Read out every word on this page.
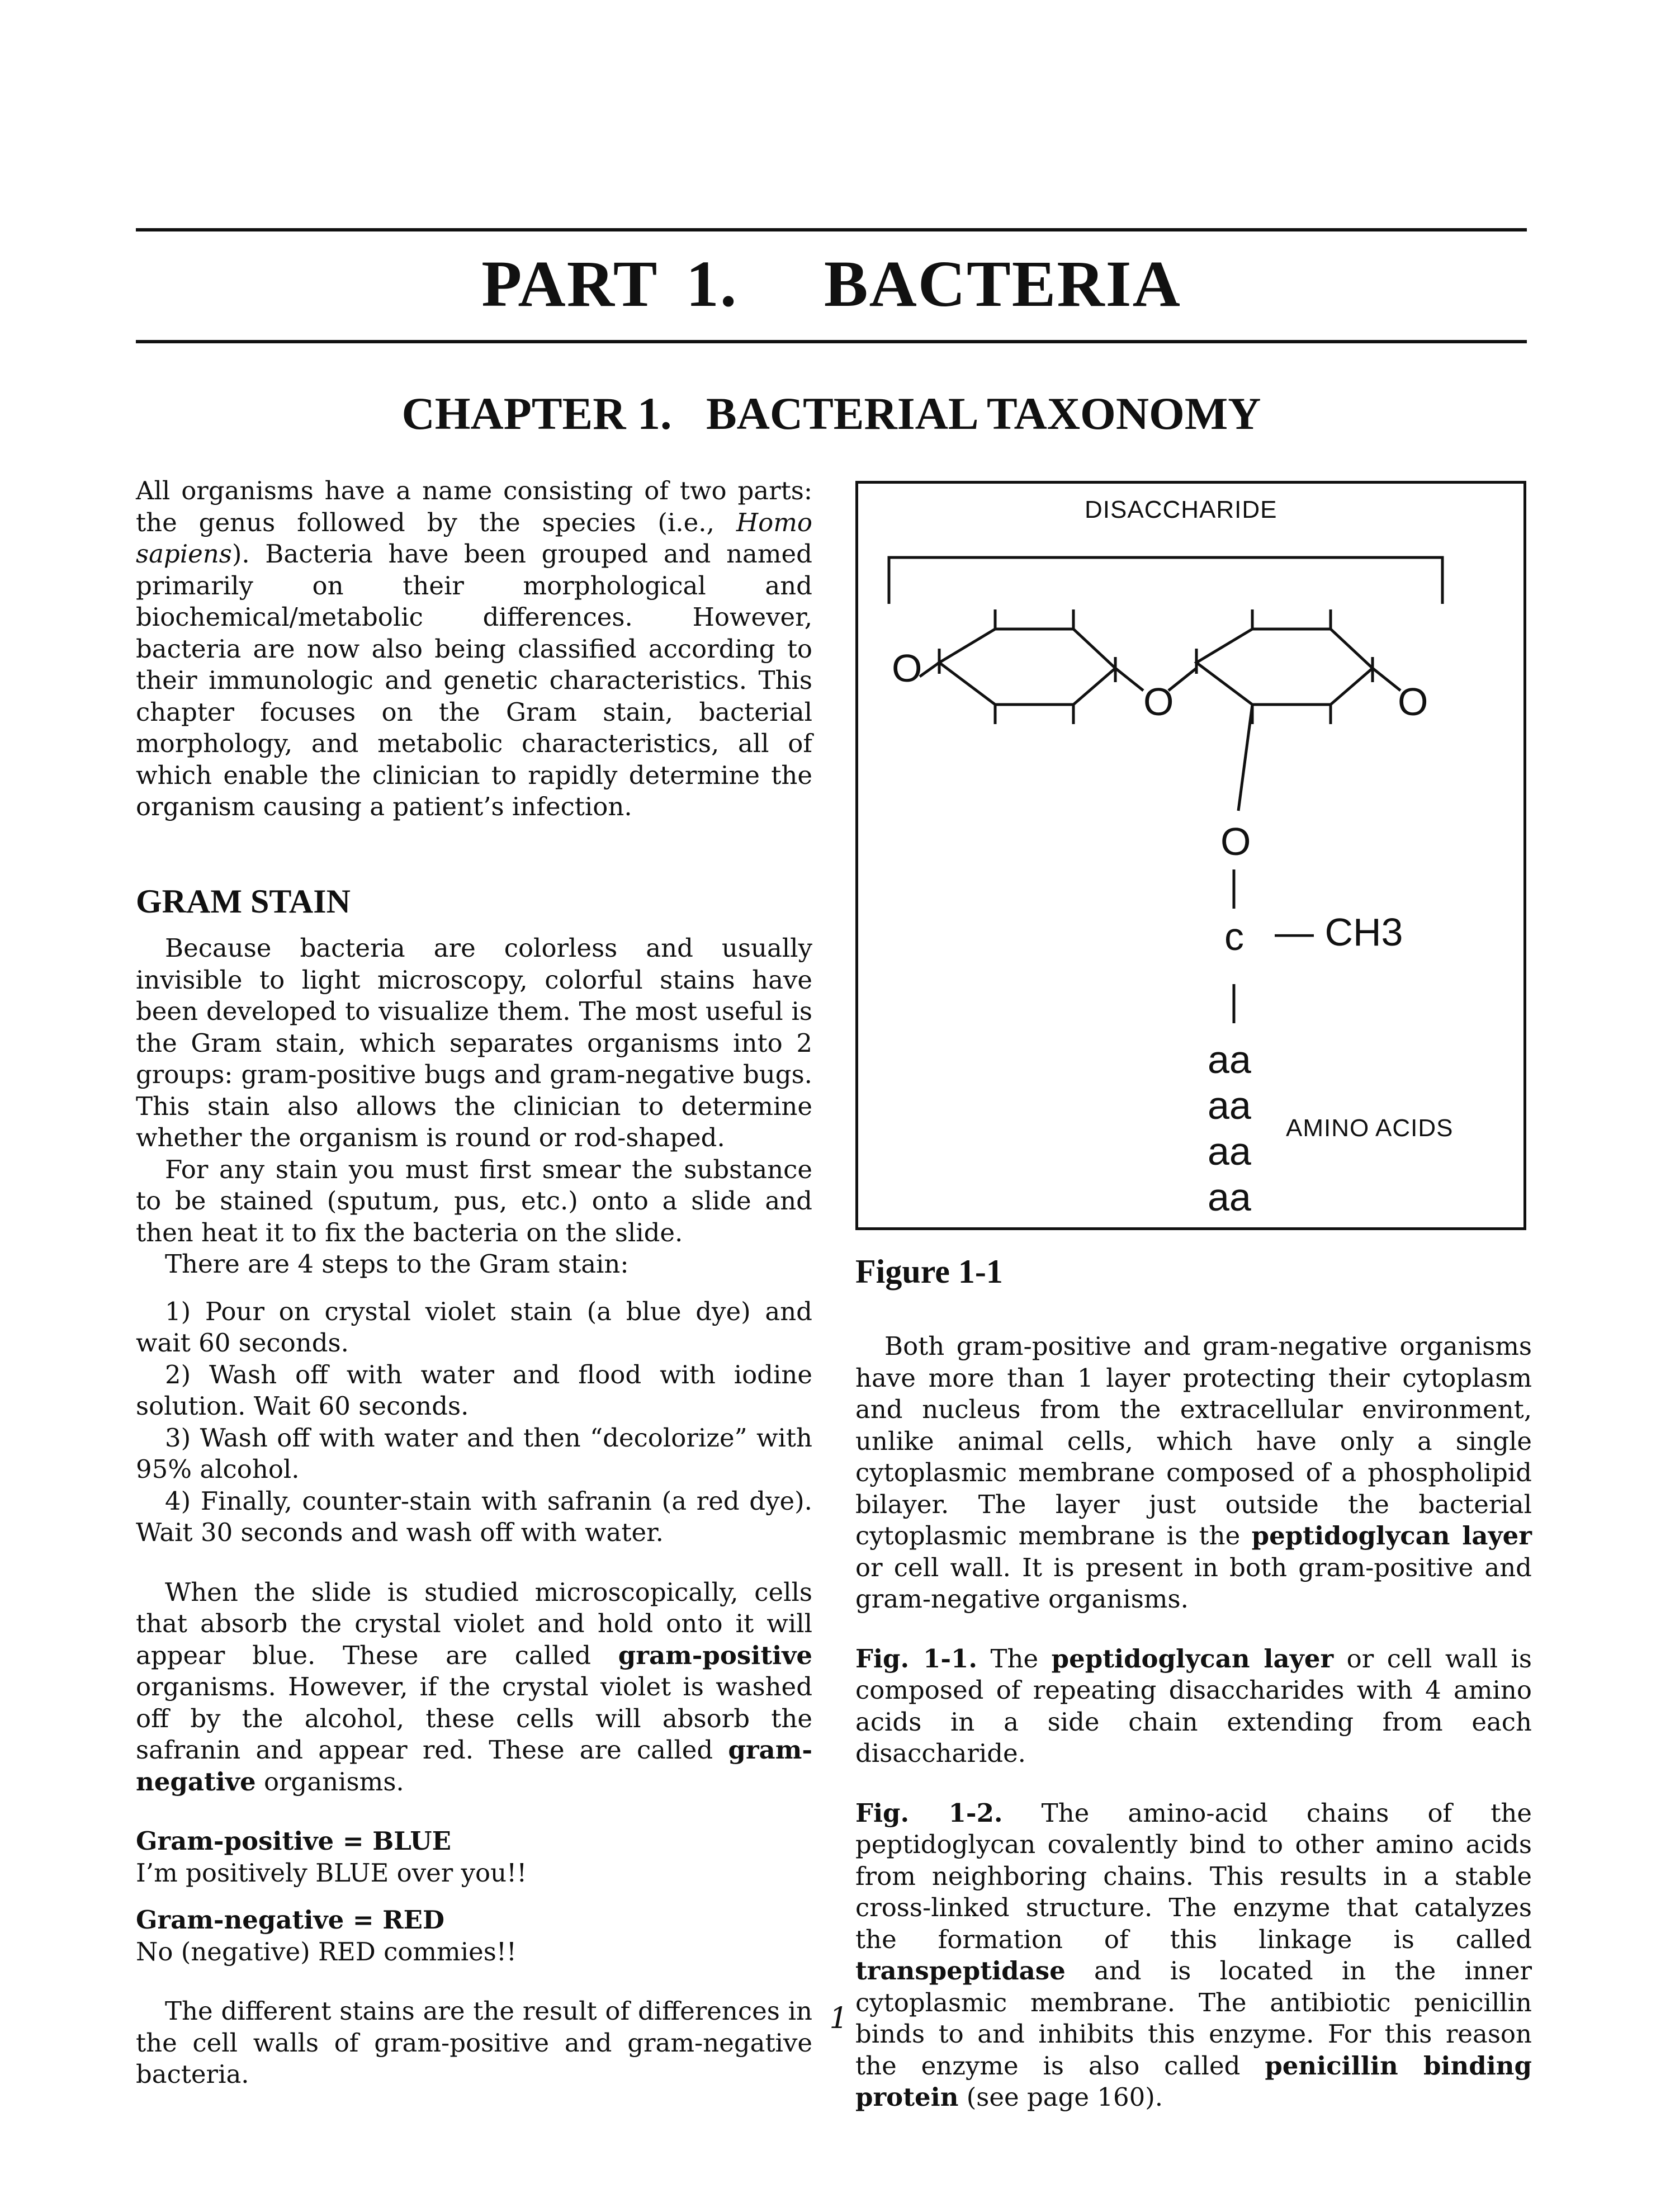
PART 1.   BACTERIA
CHAPTER 1.   BACTERIAL TAXONOMY

All organisms have a name consisting of two parts: the genus followed by the species (i.e., Homo sapiens). Bacteria have been grouped and named primarily on their morphological and biochemical/metabolic differences. However, bacteria are now also being classified according to their immunologic and genetic characteristics. This chapter focuses on the Gram stain, bacterial morphology, and metabolic characteristics, all of which enable the clinician to rapidly determine the organism causing a patient’s infection.

GRAM STAIN

Because bacteria are colorless and usually invisible to light microscopy, colorful stains have been developed to visualize them. The most useful is the Gram stain, which separates organisms into 2 groups: gram-positive bugs and gram-negative bugs. This stain also allows the clinician to determine whether the organism is round or rod-shaped.

For any stain you must first smear the substance to be stained (sputum, pus, etc.) onto a slide and then heat it to fix the bacteria on the slide.

There are 4 steps to the Gram stain:

1) Pour on crystal violet stain (a blue dye) and wait 60 seconds.

2) Wash off with water and flood with iodine solution. Wait 60 seconds.

3) Wash off with water and then “decolorize” with 95% alcohol.

4) Finally, counter-stain with safranin (a red dye). Wait 30 seconds and wash off with water.

When the slide is studied microscopically, cells that absorb the crystal violet and hold onto it will appear blue. These are called gram-positive organisms. However, if the crystal violet is washed off by the alcohol, these cells will absorb the safranin and appear red. These are called gram-negative organisms.

Gram-positive = BLUE

I’m positively BLUE over you!!

Gram-negative = RED

No (negative) RED commies!!

The different stains are the result of differences in the cell walls of gram-positive and gram-negative bacteria.

DISACCHARIDE
O
O	O
O
c — CH3
aa
aa
aa
aa
AMINO ACIDS
Figure 1-1

Both gram-positive and gram-negative organisms have more than 1 layer protecting their cytoplasm and nucleus from the extracellular environment, unlike animal cells, which have only a single cytoplasmic membrane composed of a phospholipid bilayer. The layer just outside the bacterial cytoplasmic membrane is the peptidoglycan layer or cell wall. It is present in both gram-positive and gram-negative organisms.

Fig. 1-1. The peptidoglycan layer or cell wall is composed of repeating disaccharides with 4 amino acids in a side chain extending from each disaccharide.

Fig. 1-2. The amino-acid chains of the peptidoglycan covalently bind to other amino acids from neighboring chains. This results in a stable cross-linked structure. The enzyme that catalyzes the formation of this linkage is called transpeptidase and is located in the inner cytoplasmic membrane. The antibiotic penicillin binds to and inhibits this enzyme. For this reason the enzyme is also called penicillin binding protein (see page 160).

1
